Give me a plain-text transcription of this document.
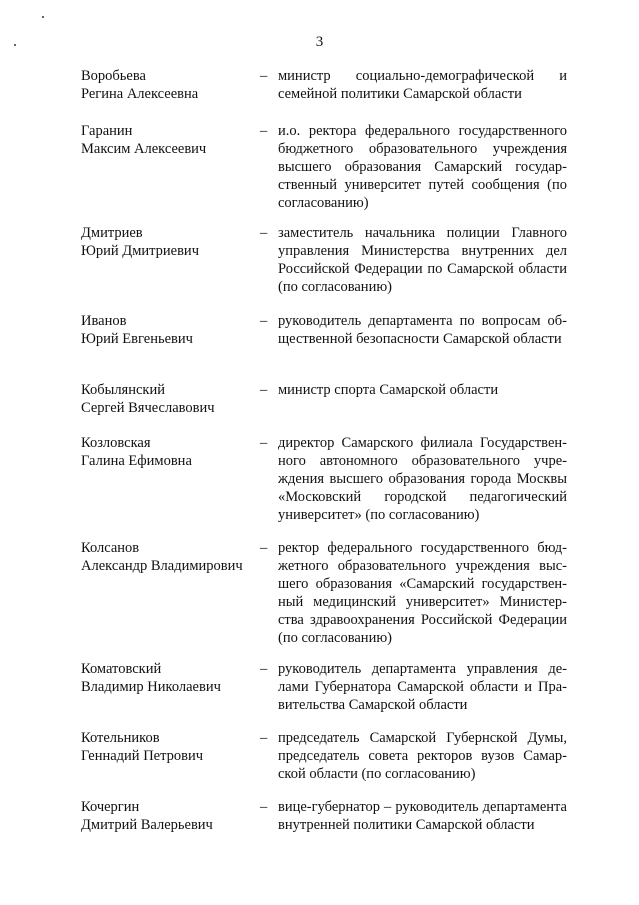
3
Воробьева
Регина Алексеевна
– министр социально-демографической и семейной политики Самарской области
Гаранин
Максим Алексеевич
– и.о. ректора федерального государственного бюджетного образовательного учреждения высшего образования Самарский государственный университет путей сообщения (по согласованию)
Дмитриев
Юрий Дмитриевич
– заместитель начальника полиции Главного управления Министерства внутренних дел Российской Федерации по Самарской области (по согласованию)
Иванов
Юрий Евгеньевич
– руководитель департамента по вопросам общественной безопасности Самарской области
Кобылянский
Сергей Вячеславович
– министр спорта Самарской области
Козловская
Галина Ефимовна
– директор Самарского филиала Государственного автономного образовательного учреждения высшего образования города Москвы «Московский городской педагогический университет» (по согласованию)
Колсанов
Александр Владимирович
– ректор федерального государственного бюджетного образовательного учреждения высшего образования «Самарский государственный медицинский университет» Министерства здравоохранения Российской Федерации (по согласованию)
Коматовский
Владимир Николаевич
– руководитель департамента управления делами Губернатора Самарской области и Правительства Самарской области
Котельников
Геннадий Петрович
– председатель Самарской Губернской Думы, председатель совета ректоров вузов Самарской области (по согласованию)
Кочергин
Дмитрий Валерьевич
– вице-губернатор – руководитель департамента внутренней политики Самарской области
